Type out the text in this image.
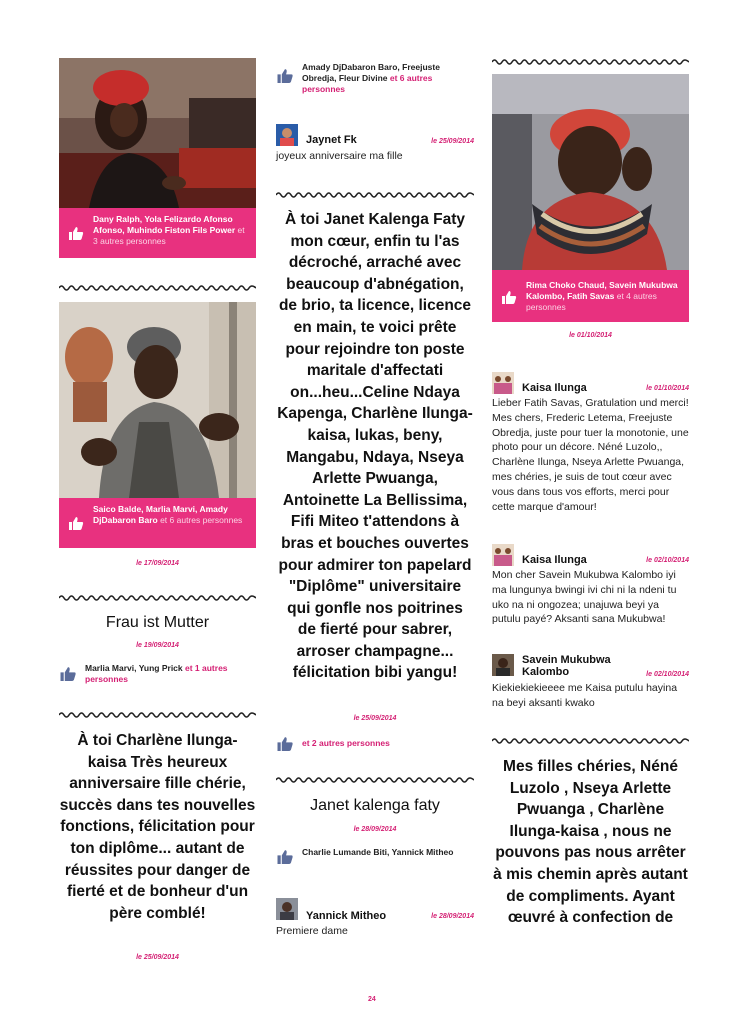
Dany Ralph, Yola Felizardo Afonso Afonso, Muhindo Fiston Fils Power et 3 autres personnes
Saico Balde, Marlia Marvi, Amady DjDabaron Baro et 6 autres personnes
le 17/09/2014
Frau ist Mutter
le 19/09/2014
Marlia Marvi, Yung Prick et 1 autres personnes
À toi Charlène Ilunga-kaisa Très heureux anniversaire fille chérie, succès dans tes nouvelles fonctions, félicitation pour ton diplôme... autant de réussites pour danger de fierté et de bonheur d'un père comblé!
le 25/09/2014
Amady DjDabaron Baro, Freejuste Obredja, Fleur Divine et 6 autres personnes
Jaynet Fk	le 25/09/2014
joyeux anniversaire ma fille
À toi Janet Kalenga Faty mon cœur, enfin tu l'as décroché, arraché avec beaucoup d'abnégation, de brio, ta licence, licence en main, te voici prête pour rejoindre ton poste maritale d'affectati on...heu...Celine Ndaya Kapenga, Charlène Ilunga-kaisa, lukas, beny, Mangabu, Ndaya, Nseya Arlette Pwuanga, Antoinette La Bellissima, Fifi Miteo t'attendons à bras et bouches ouvertes pour admirer ton papelard "Diplôme" universitaire qui gonfle nos poitrines de fierté pour sabrer, arroser champagne... félicitation bibi yangu!
le 25/09/2014
et 2 autres personnes
Janet kalenga faty
le 28/09/2014
Charlie Lumande Biti, Yannick Mitheo
Yannick Mitheo	le 28/09/2014
Premiere dame
Rima Choko Chaud, Savein Mukubwa Kalombo, Fatih Savas et 4 autres personnes
le 01/10/2014
Kaisa Ilunga	le 01/10/2014
Lieber Fatih Savas, Gratulation und merci! Mes chers, Frederic Letema, Freejuste Obredja, juste pour tuer la monotonie, une photo pour un décore. Néné Luzolo,, Charlène Ilunga, Nseya Arlette Pwuanga, mes chéries, je suis de tout cœur avec vous dans tous vos efforts, merci pour cette marque d'amour!
Kaisa Ilunga	le 02/10/2014
Mon cher Savein Mukubwa Kalombo iyi ma lungunya bwingi ivi chi ni la ndeni tu uko na ni ongozea; unajuwa beyi ya putulu payé? Aksanti sana Mukubwa!
Savein Mukubwa Kalombo	le 02/10/2014
Kiekiekiekieeee me Kaisa putulu hayina na beyi aksanti kwako
Mes filles chéries, Néné Luzolo , Nseya Arlette Pwuanga , Charlène Ilunga-kaisa , nous ne pouvons pas nous arrêter à mis chemin après autant de compliments. Ayant œuvré à confection de
24
